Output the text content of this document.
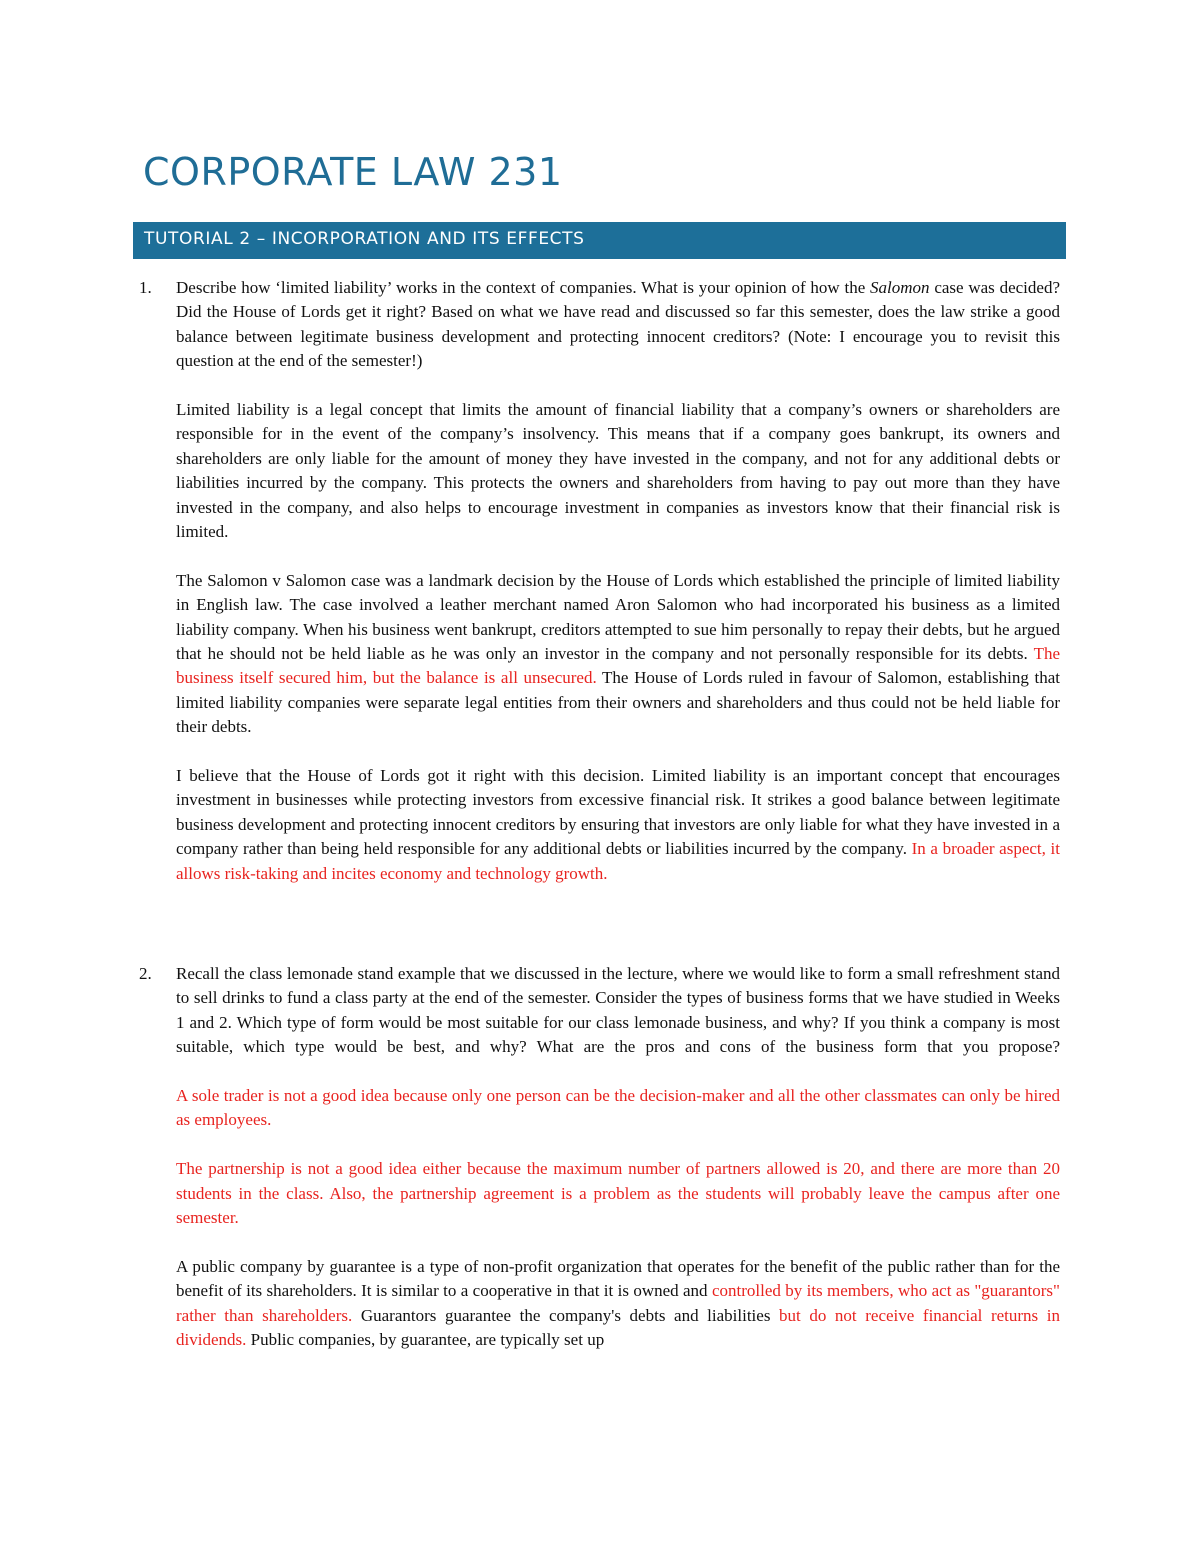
CORPORATE LAW 231
TUTORIAL 2 – INCORPORATION AND ITS EFFECTS
1. Describe how ‘limited liability’ works in the context of companies. What is your opinion of how the Salomon case was decided? Did the House of Lords get it right? Based on what we have read and discussed so far this semester, does the law strike a good balance between legitimate business development and protecting innocent creditors? (Note: I encourage you to revisit this question at the end of the semester!)

Limited liability is a legal concept that limits the amount of financial liability that a company’s owners or shareholders are responsible for in the event of the company’s insolvency. This means that if a company goes bankrupt, its owners and shareholders are only liable for the amount of money they have invested in the company, and not for any additional debts or liabilities incurred by the company. This protects the owners and shareholders from having to pay out more than they have invested in the company, and also helps to encourage investment in companies as investors know that their financial risk is limited.

The Salomon v Salomon case was a landmark decision by the House of Lords which established the principle of limited liability in English law. The case involved a leather merchant named Aron Salomon who had incorporated his business as a limited liability company. When his business went bankrupt, creditors attempted to sue him personally to repay their debts, but he argued that he should not be held liable as he was only an investor in the company and not personally responsible for its debts. The business itself secured him, but the balance is all unsecured. The House of Lords ruled in favour of Salomon, establishing that limited liability companies were separate legal entities from their owners and shareholders and thus could not be held liable for their debts.

I believe that the House of Lords got it right with this decision. Limited liability is an important concept that encourages investment in businesses while protecting investors from excessive financial risk. It strikes a good balance between legitimate business development and protecting innocent creditors by ensuring that investors are only liable for what they have invested in a company rather than being held responsible for any additional debts or liabilities incurred by the company. In a broader aspect, it allows risk-taking and incites economy and technology growth.

2. Recall the class lemonade stand example that we discussed in the lecture, where we would like to form a small refreshment stand to sell drinks to fund a class party at the end of the semester. Consider the types of business forms that we have studied in Weeks 1 and 2. Which type of form would be most suitable for our class lemonade business, and why? If you think a company is most suitable, which type would be best, and why? What are the pros and cons of the business form that you propose?

A sole trader is not a good idea because only one person can be the decision-maker and all the other classmates can only be hired as employees.

The partnership is not a good idea either because the maximum number of partners allowed is 20, and there are more than 20 students in the class. Also, the partnership agreement is a problem as the students will probably leave the campus after one semester.

A public company by guarantee is a type of non-profit organization that operates for the benefit of the public rather than for the benefit of its shareholders. It is similar to a cooperative in that it is owned and controlled by its members, who act as "guarantors" rather than shareholders. Guarantors guarantee the company's debts and liabilities but do not receive financial returns in dividends. Public companies, by guarantee, are typically set up
